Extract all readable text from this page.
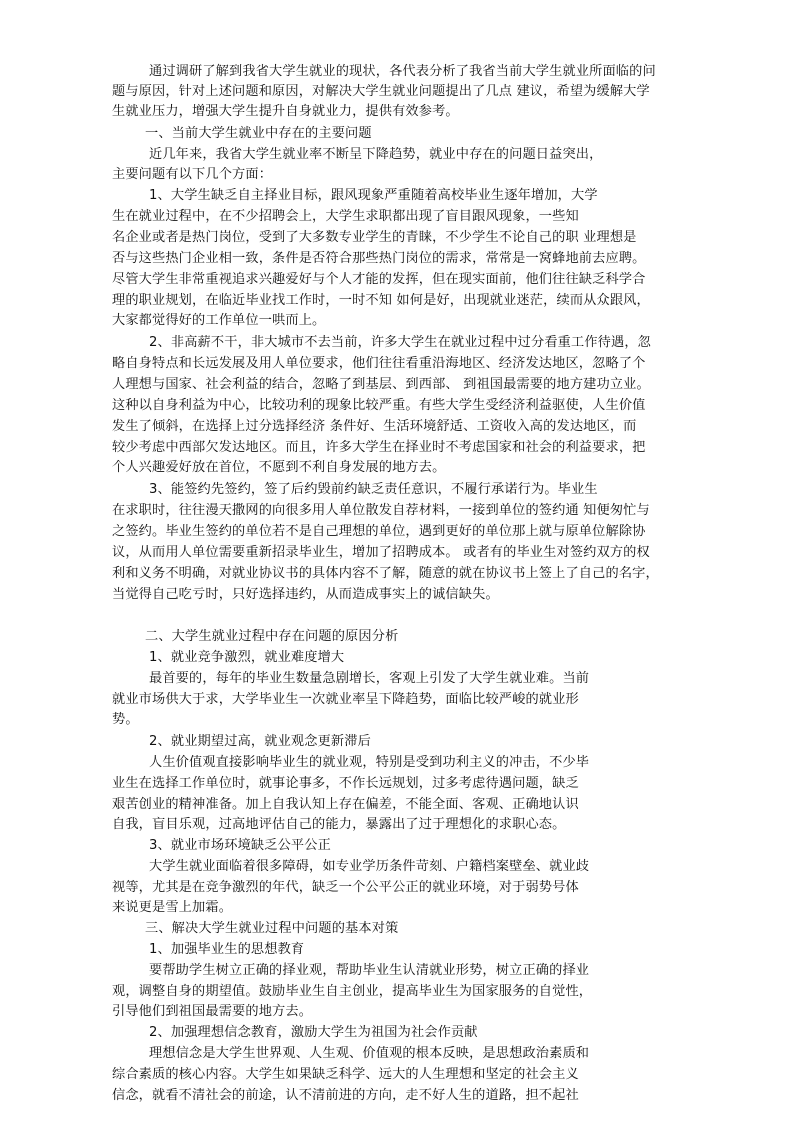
通过调研了解到我省大学生就业的现状，各代表分析了我省当前大学生就业所面临的问

题与原因，针对上述问题和原因，对解决大学生就业问题提出了几点 建议，希望为缓解大学

生就业压力，增强大学生提升自身就业力，提供有效参考。

一、当前大学生就业中存在的主要问题

近几年来，我省大学生就业率不断呈下降趋势，就业中存在的问题日益突出，

主要问题有以下几个方面：

1、大学生缺乏自主择业目标，跟风现象严重随着高校毕业生逐年增加，大学

生在就业过程中，在不少招聘会上，大学生求职都出现了盲目跟风现象，一些知

名企业或者是热门岗位，受到了大多数专业学生的青睐，不少学生不论自己的职 业理想是

否与这些热门企业相一致，条件是否符合那些热门岗位的需求，常常是一窝蜂地前去应聘。

尽管大学生非常重视追求兴趣爱好与个人才能的发挥，但在现实面前，他们往往缺乏科学合

理的职业规划，在临近毕业找工作时，一时不知 如何是好，出现就业迷茫，续而从众跟风，

大家都觉得好的工作单位一哄而上。

2、非高薪不干，非大城市不去当前，许多大学生在就业过程中过分看重工作待遇，忽

略自身特点和长远发展及用人单位要求，他们往往看重沿海地区、经济发达地区，忽略了个

人理想与国家、社会利益的结合，忽略了到基层、到西部、 到祖国最需要的地方建功立业。

这种以自身利益为中心，比较功利的现象比较严重。有些大学生受经济利益驱使，人生价值

发生了倾斜，在选择上过分选择经济 条件好、生活环境舒适、工资收入高的发达地区，而

较少考虑中西部欠发达地区。而且，许多大学生在择业时不考虑国家和社会的利益要求，把

个人兴趣爱好放在首位，不愿到不利自身发展的地方去。

3、能签约先签约，签了后约毁前约缺乏责任意识，不履行承诺行为。毕业生

在求职时，往往漫天撒网的向很多用人单位散发自荐材料，一接到单位的签约通 知便匆忙与

之签约。毕业生签约的单位若不是自己理想的单位，遇到更好的单位那上就与原单位解除协

议，从而用人单位需要重新招录毕业生，增加了招聘成本。 或者有的毕业生对签约双方的权

利和义务不明确，对就业协议书的具体内容不了解，随意的就在协议书上签上了自己的名字，

当觉得自己吃亏时，只好选择违约，从而造成事实上的诚信缺失。

二、大学生就业过程中存在问题的原因分析

1、就业竞争激烈，就业难度增大

最首要的，每年的毕业生数量急剧增长，客观上引发了大学生就业难。当前

就业市场供大于求，大学毕业生一次就业率呈下降趋势，面临比较严峻的就业形

势。

2、就业期望过高，就业观念更新滞后

人生价值观直接影响毕业生的就业观，特别是受到功利主义的冲击，不少毕

业生在选择工作单位时，就事论事多，不作长远规划，过多考虑待遇问题，缺乏

艰苦创业的精神准备。加上自我认知上存在偏差，不能全面、客观、正确地认识

自我，盲目乐观，过高地评估自己的能力，暴露出了过于理想化的求职心态。

3、就业市场环境缺乏公平公正

大学生就业面临着很多障碍，如专业学历条件苛刻、户籍档案壁垒、就业歧

视等，尤其是在竞争激烈的年代，缺乏一个公平公正的就业环境，对于弱势号体

来说更是雪上加霜。

三、解决大学生就业过程中问题的基本对策

1、加强毕业生的思想教育

要帮助学生树立正确的择业观，帮助毕业生认清就业形势，树立正确的择业

观，调整自身的期望值。鼓励毕业生自主创业，提高毕业生为国家服务的自觉性，

引导他们到祖国最需要的地方去。

2、加强理想信念教育，激励大学生为祖国为社会作贡献

理想信念是大学生世界观、人生观、价值观的根本反映，是思想政治素质和

综合素质的核心内容。大学生如果缺乏科学、远大的人生理想和坚定的社会主义

信念，就看不清社会的前途，认不清前进的方向，走不好人生的道路，担不起社
